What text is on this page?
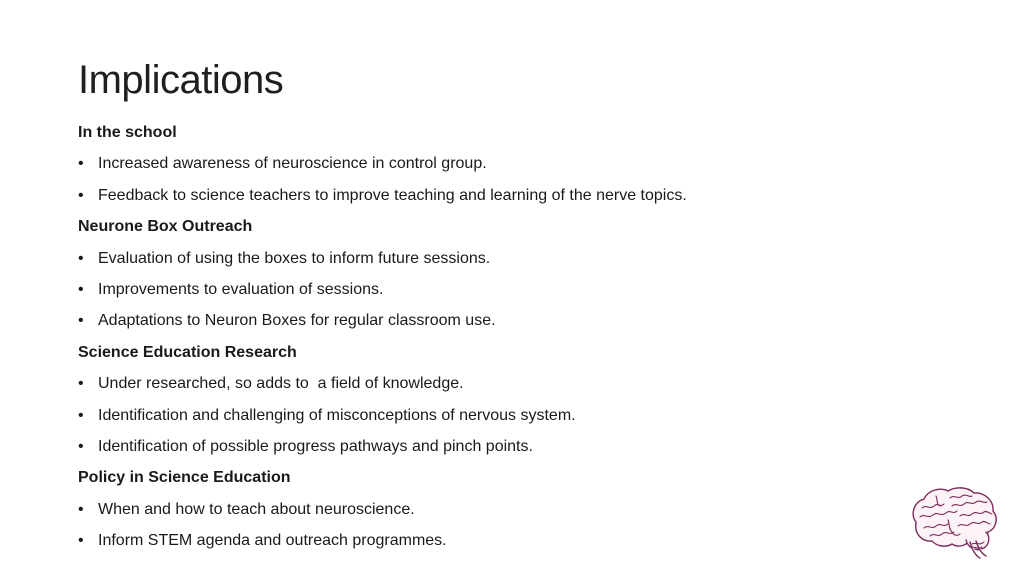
Implications

In the school

• Increased awareness of neuroscience in control group.
• Feedback to science teachers to improve teaching and learning of the nerve topics.

Neurone Box Outreach

• Evaluation of using the boxes to inform future sessions.
• Improvements to evaluation of sessions.
• Adaptations to Neuron Boxes for regular classroom use.

Science Education Research

• Under researched, so adds to  a field of knowledge.
• Identification and challenging of misconceptions of nervous system.
• Identification of possible progress pathways and pinch points.

Policy in Science Education

• When and how to teach about neuroscience.
• Inform STEM agenda and outreach programmes.
